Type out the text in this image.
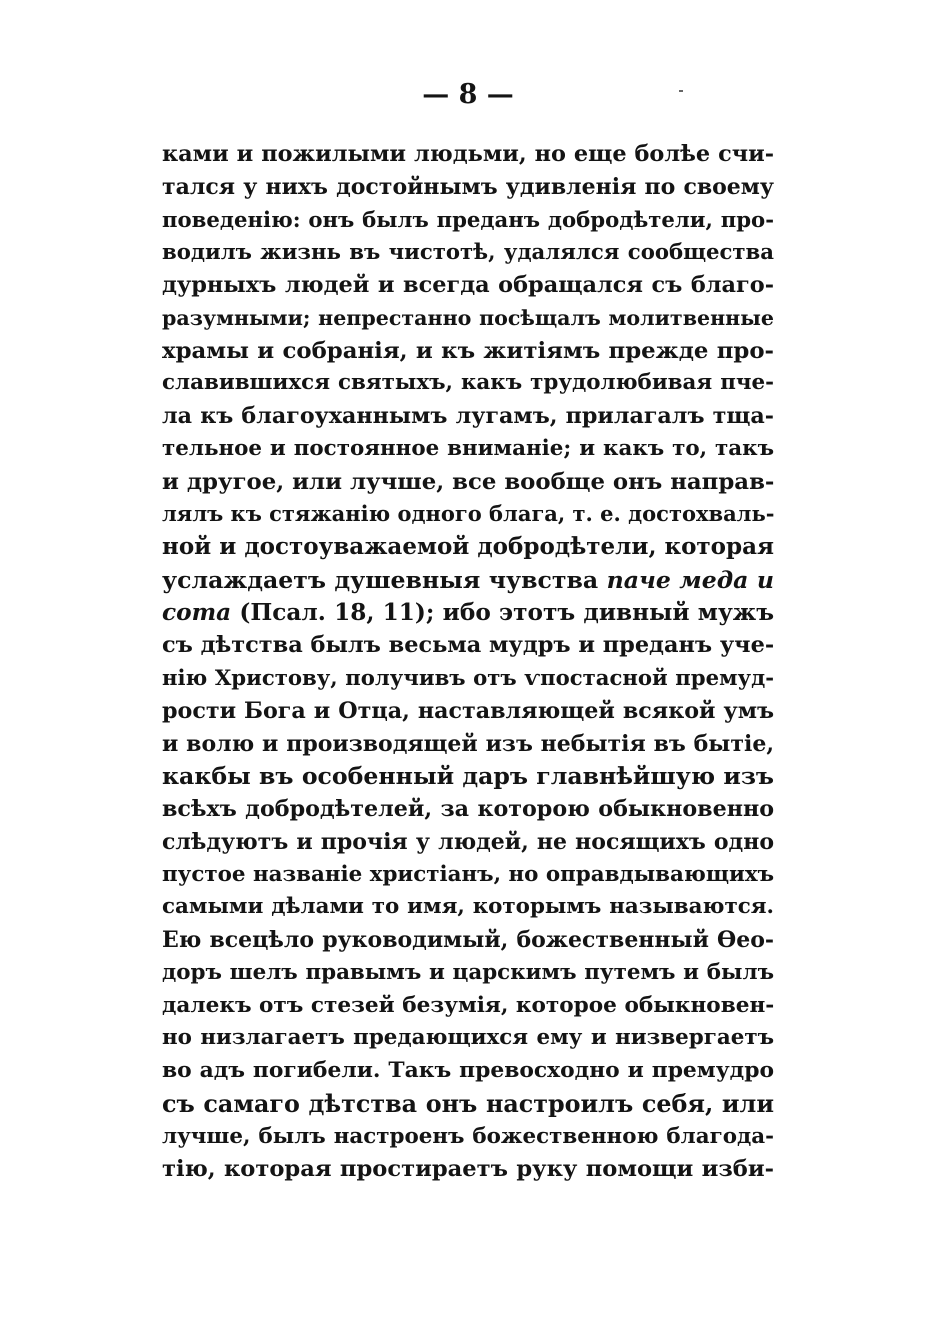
— 8 —
ками и пожилыми людьми, но еще болѣе счи-
тался у нихъ достойнымъ удивленія по своему
поведенію: онъ былъ преданъ добродѣтели, про-
водилъ жизнь въ чистотѣ, удалялся сообщества
дурныхъ людей и всегда обращался съ благо-
разумными; непрестанно посѣщалъ молитвенные
храмы и собранія, и къ житіямъ прежде про-
славившихся святыхъ, какъ трудолюбивая пче-
ла къ благоуханнымъ лугамъ, прилагалъ тща-
тельное и постоянное вниманіе; и какъ то, такъ
и другое, или лучше, все вообще онъ направ-
лялъ къ стяжанію одного блага, т. е. достохваль-
ной и достоуважаемой добродѣтели, которая
услаждаетъ душевныя чувства паче меда и
сота (Псал. 18, 11); ибо этотъ дивный мужъ
съ дѣтства былъ весьма мудръ и преданъ уче-
нію Христову, получивъ отъ ѵпостасной премуд-
рости Бога и Отца, наставляющей всякой умъ
и волю и производящей изъ небытія въ бытіе,
какбы въ особенный даръ главнѣйшую изъ
всѣхъ добродѣтелей, за которою обыкновенно
слѣдуютъ и прочія у людей, не носящихъ одно
пустое названіе христіанъ, но оправдывающихъ
самыми дѣлами то имя, которымъ называются.
Ею всецѣло руководимый, божественный Ѳео-
доръ шелъ правымъ и царскимъ путемъ и былъ
далекъ отъ стезей безумія, которое обыкновен-
но низлагаетъ предающихся ему и низвергаетъ
во адъ погибели. Такъ превосходно и премудро
съ самаго дѣтства онъ настроилъ себя, или
лучше, былъ настроенъ божественною благода-
тію, которая простираетъ руку помощи изби-
